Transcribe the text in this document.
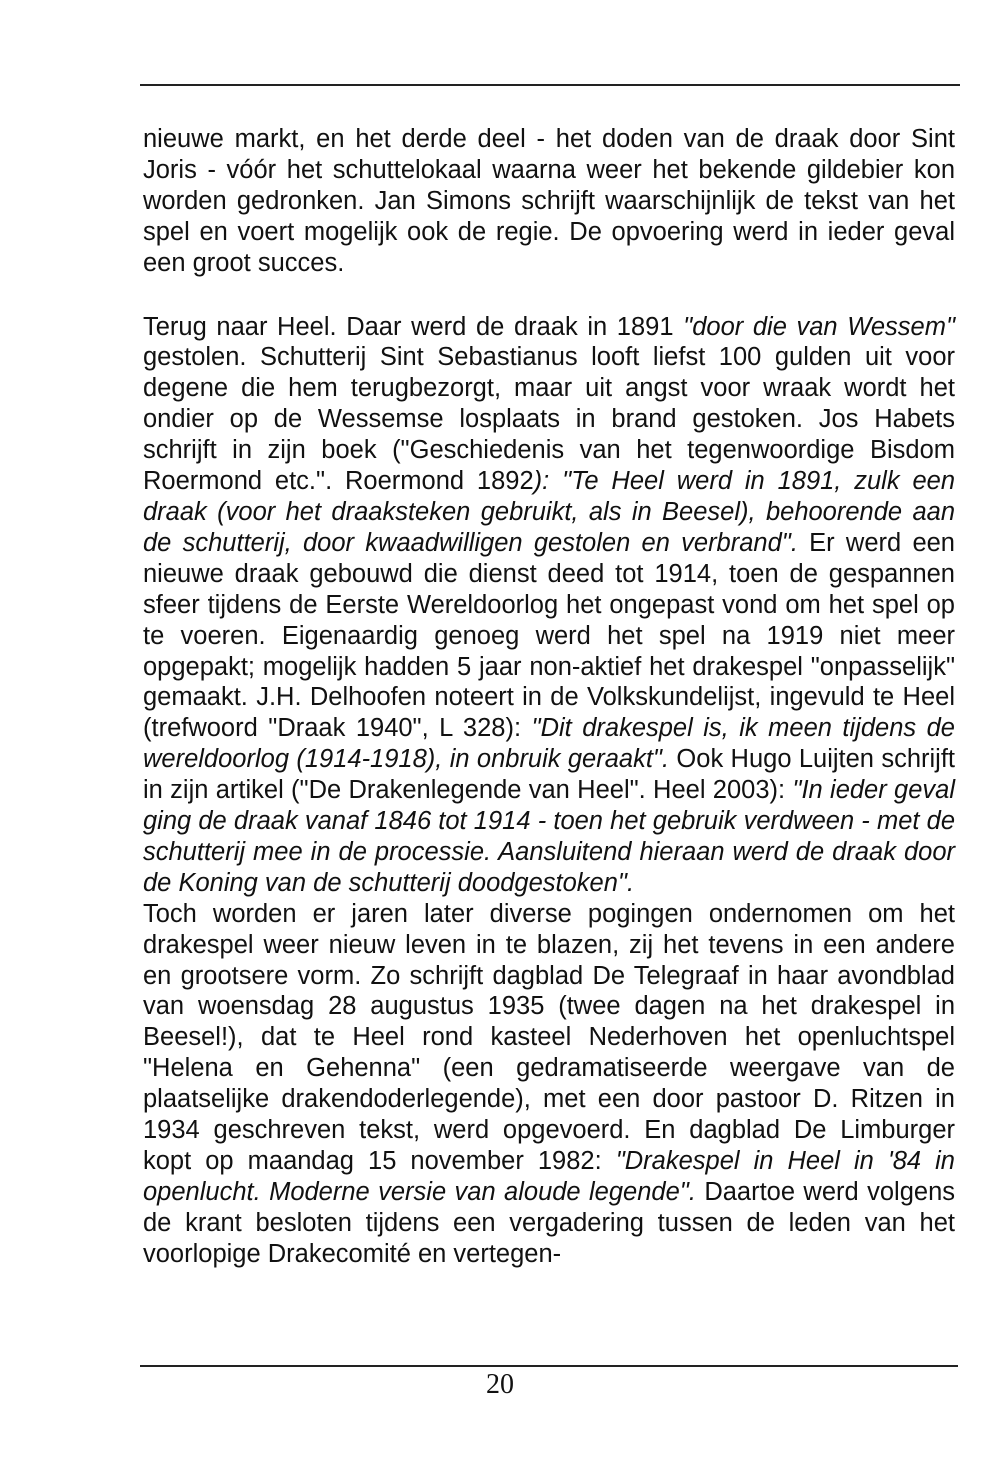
nieuwe markt, en het derde deel - het doden van de draak door Sint Joris - vóór het schuttelokaal waarna weer het bekende gildebier kon worden gedronken. Jan Simons schrijft waarschijnlijk de tekst van het spel en voert mogelijk ook de regie. De opvoering werd in ieder geval een groot succes.

Terug naar Heel. Daar werd de draak in 1891 "door die van Wessem" gestolen. Schutterij Sint Sebastianus looft liefst 100 gulden uit voor degene die hem terugbezorgt, maar uit angst voor wraak wordt het ondier op de Wessemse losplaats in brand gestoken. Jos Habets schrijft in zijn boek ("Geschiedenis van het tegenwoordige Bisdom Roermond etc.". Roermond 1892): "Te Heel werd in 1891, zulk een draak (voor het draaksteken gebruikt, als in Beesel), behoorende aan de schutterij, door kwaadwilligen gestolen en verbrand". Er werd een nieuwe draak gebouwd die dienst deed tot 1914, toen de gespannen sfeer tijdens de Eerste Wereldoorlog het ongepast vond om het spel op te voeren. Eigenaardig genoeg werd het spel na 1919 niet meer opgepakt; mogelijk hadden 5 jaar non-aktief het drakespel "onpasselijk" gemaakt. J.H. Delhoofen noteert in de Volkskundelijst, ingevuld te Heel (trefwoord "Draak 1940", L 328): "Dit drakespel is, ik meen tijdens de wereldoorlog (1914-1918), in onbruik geraakt". Ook Hugo Luijten schrijft in zijn artikel ("De Drakenlegende van Heel". Heel 2003): "In ieder geval ging de draak vanaf 1846 tot 1914 - toen het gebruik verdween - met de schutterij mee in de processie. Aansluitend hieraan werd de draak door de Koning van de schutterij doodgestoken".

Toch worden er jaren later diverse pogingen ondernomen om het drakespel weer nieuw leven in te blazen, zij het tevens in een andere en grootsere vorm. Zo schrijft dagblad De Telegraaf in haar avondblad van woensdag 28 augustus 1935 (twee dagen na het drakespel in Beesel!), dat te Heel rond kasteel Nederhoven het openluchtspel "Helena en Gehenna" (een gedramatiseerde weergave van de plaatselijke drakendoderlegende), met een door pastoor D. Ritzen in 1934 geschreven tekst, werd opgevoerd. En dagblad De Limburger kopt op maandag 15 november 1982: "Drakespel in Heel in '84 in openlucht. Moderne versie van aloude legende". Daartoe werd volgens de krant besloten tijdens een vergadering tussen de leden van het voorlopige Drakecomité en vertegen-

20
